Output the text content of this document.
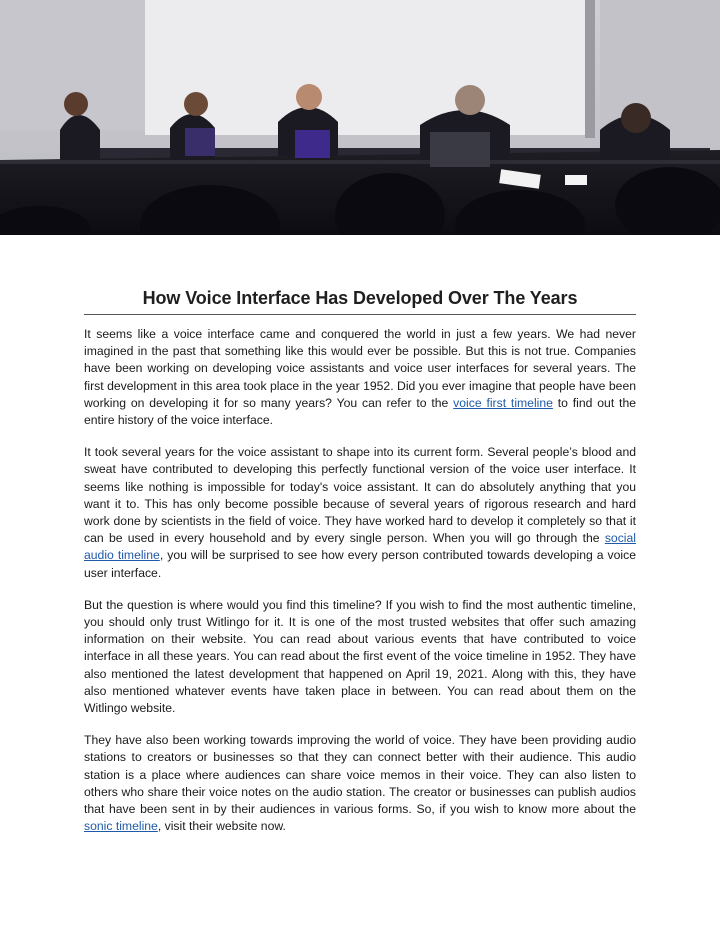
How Voice Interface Has Developed Over The Years

It seems like a voice interface came and conquered the world in just a few years. We had never imagined in the past that something like this would ever be possible. But this is not true. Companies have been working on developing voice assistants and voice user interfaces for several years. The first development in this area took place in the year 1952. Did you ever imagine that people have been working on developing it for so many years? You can refer to the voice first timeline to find out the entire history of the voice interface.

It took several years for the voice assistant to shape into its current form. Several people’s blood and sweat have contributed to developing this perfectly functional version of the voice user interface. It seems like nothing is impossible for today's voice assistant. It can do absolutely anything that you want it to. This has only become possible because of several years of rigorous research and hard work done by scientists in the field of voice. They have worked hard to develop it completely so that it can be used in every household and by every single person. When you will go through the social audio timeline, you will be surprised to see how every person contributed towards developing a voice user interface.

But the question is where would you find this timeline? If you wish to find the most authentic timeline, you should only trust Witlingo for it. It is one of the most trusted websites that offer such amazing information on their website. You can read about various events that have contributed to voice interface in all these years. You can read about the first event of the voice timeline in 1952. They have also mentioned the latest development that happened on April 19, 2021. Along with this, they have also mentioned whatever events have taken place in between. You can read about them on the Witlingo website.

They have also been working towards improving the world of voice. They have been providing audio stations to creators or businesses so that they can connect better with their audience. This audio station is a place where audiences can share voice memos in their voice. They can also listen to others who share their voice notes on the audio station. The creator or businesses can publish audios that have been sent in by their audiences in various forms. So, if you wish to know more about the sonic timeline, visit their website now.
